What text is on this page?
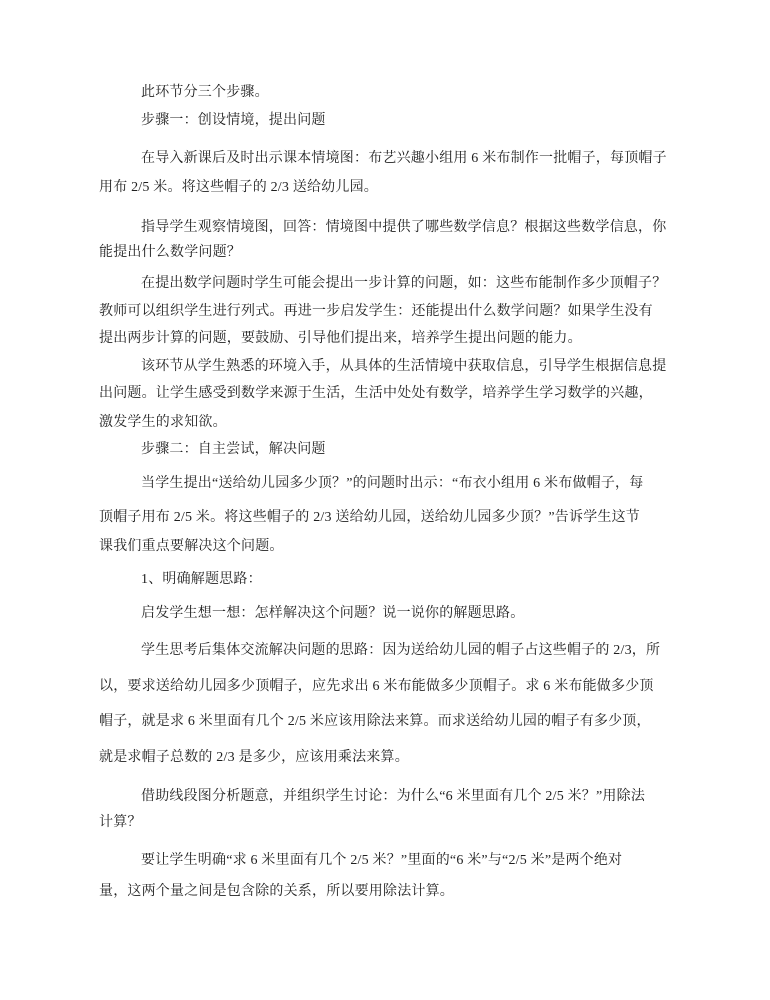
此环节分三个步骤。
步骤一：创设情境，提出问题
在导入新课后及时出示课本情境图：布艺兴趣小组用 6 米布制作一批帽子，每顶帽子
用布 2/5 米。将这些帽子的 2/3 送给幼儿园。
指导学生观察情境图，回答：情境图中提供了哪些数学信息？根据这些数学信息，你
能提出什么数学问题？
在提出数学问题时学生可能会提出一步计算的问题，如：这些布能制作多少顶帽子？
教师可以组织学生进行列式。再进一步启发学生：还能提出什么数学问题？如果学生没有
提出两步计算的问题，要鼓励、引导他们提出来，培养学生提出问题的能力。
该环节从学生熟悉的环境入手，从具体的生活情境中获取信息，引导学生根据信息提
出问题。让学生感受到数学来源于生活，生活中处处有数学，培养学生学习数学的兴趣，
激发学生的求知欲。
步骤二：自主尝试，解决问题
当学生提出“送给幼儿园多少顶？”的问题时出示：“布衣小组用 6 米布做帽子，每
顶帽子用布 2/5 米。将这些帽子的 2/3 送给幼儿园，送给幼儿园多少顶？”告诉学生这节
课我们重点要解决这个问题。
1、明确解题思路：
启发学生想一想：怎样解决这个问题？说一说你的解题思路。
学生思考后集体交流解决问题的思路：因为送给幼儿园的帽子占这些帽子的 2/3，所
以，要求送给幼儿园多少顶帽子，应先求出 6 米布能做多少顶帽子。求 6 米布能做多少顶
帽子，就是求 6 米里面有几个 2/5 米应该用除法来算。而求送给幼儿园的帽子有多少顶，
就是求帽子总数的 2/3 是多少，应该用乘法来算。
借助线段图分析题意，并组织学生讨论：为什么“6 米里面有几个 2/5 米？”用除法
计算？
要让学生明确“求 6 米里面有几个 2/5 米？”里面的“6 米”与“2/5 米”是两个绝对
量，这两个量之间是包含除的关系，所以要用除法计算。
